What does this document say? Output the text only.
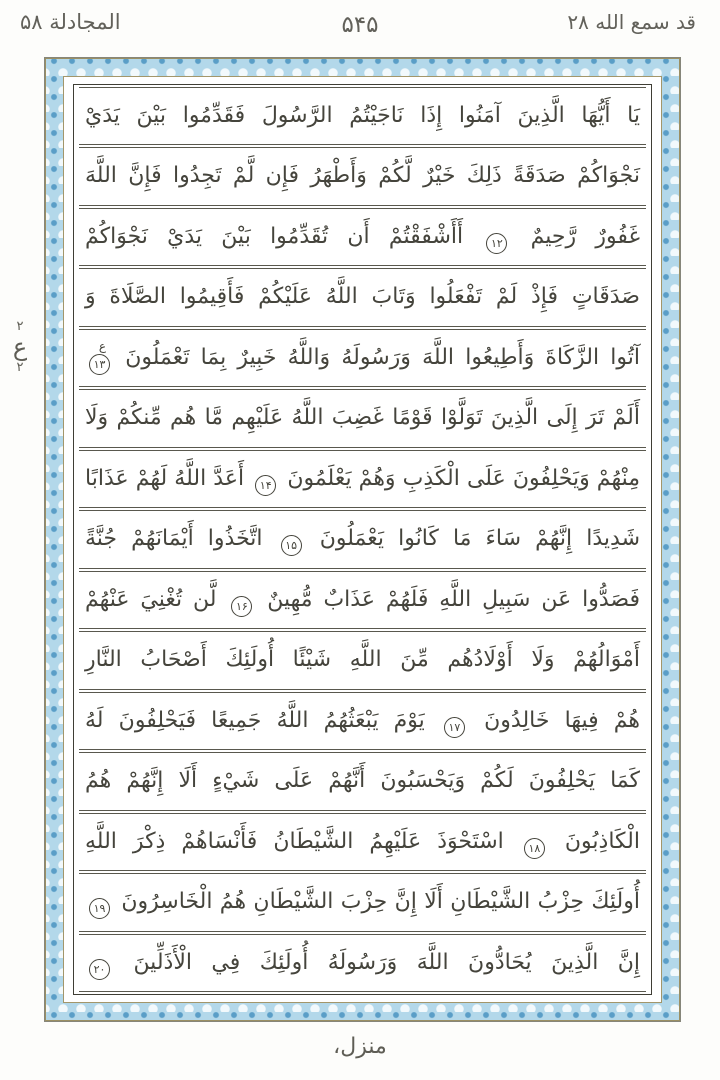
قد سمع الله ۲۸
۵۴۵
المجادلة ۵۸
۲
ع
۲
يَا أَيُّهَا الَّذِينَ آمَنُوا إِذَا نَاجَيْتُمُ الرَّسُولَ فَقَدِّمُوا بَيْنَ يَدَيْ
نَجْوَاكُمْ صَدَقَةً ذَلِكَ خَيْرٌ لَّكُمْ وَأَطْهَرُ فَإِن لَّمْ تَجِدُوا فَإِنَّ اللَّهَ
غَفُورٌ رَّحِيمٌ
۱۲
أَأَشْفَقْتُمْ أَن تُقَدِّمُوا بَيْنَ يَدَيْ نَجْوَاكُمْ
صَدَقَاتٍ فَإِذْ لَمْ تَفْعَلُوا وَتَابَ اللَّهُ عَلَيْكُمْ فَأَقِيمُوا الصَّلَاةَ وَ
آتُوا الزَّكَاةَ وَأَطِيعُوا اللَّهَ وَرَسُولَهُ وَاللَّهُ خَبِيرٌ بِمَا تَعْمَلُونَ
ع
۱۳
أَلَمْ تَرَ إِلَى الَّذِينَ تَوَلَّوْا قَوْمًا غَضِبَ اللَّهُ عَلَيْهِم مَّا هُم مِّنكُمْ وَلَا
مِنْهُمْ وَيَحْلِفُونَ عَلَى الْكَذِبِ وَهُمْ يَعْلَمُونَ
۱۴
أَعَدَّ اللَّهُ لَهُمْ عَذَابًا
شَدِيدًا إِنَّهُمْ سَاءَ مَا كَانُوا يَعْمَلُونَ
۱۵
اتَّخَذُوا أَيْمَانَهُمْ جُنَّةً
فَصَدُّوا عَن سَبِيلِ اللَّهِ فَلَهُمْ عَذَابٌ مُّهِينٌ
۱۶
لَّن تُغْنِيَ عَنْهُمْ
أَمْوَالُهُمْ وَلَا أَوْلَادُهُم مِّنَ اللَّهِ شَيْئًا أُولَئِكَ أَصْحَابُ النَّارِ
هُمْ فِيهَا خَالِدُونَ
۱۷
يَوْمَ يَبْعَثُهُمُ اللَّهُ جَمِيعًا فَيَحْلِفُونَ لَهُ
كَمَا يَحْلِفُونَ لَكُمْ وَيَحْسَبُونَ أَنَّهُمْ عَلَى شَيْءٍ أَلَا إِنَّهُمْ هُمُ
الْكَاذِبُونَ
۱۸
اسْتَحْوَذَ عَلَيْهِمُ الشَّيْطَانُ فَأَنْسَاهُمْ ذِكْرَ اللَّهِ
أُولَئِكَ حِزْبُ الشَّيْطَانِ أَلَا إِنَّ حِزْبَ الشَّيْطَانِ هُمُ الْخَاسِرُونَ
۱۹
إِنَّ الَّذِينَ يُحَادُّونَ اللَّهَ وَرَسُولَهُ أُولَئِكَ فِي الْأَذَلِّينَ
۲۰
منزل،
